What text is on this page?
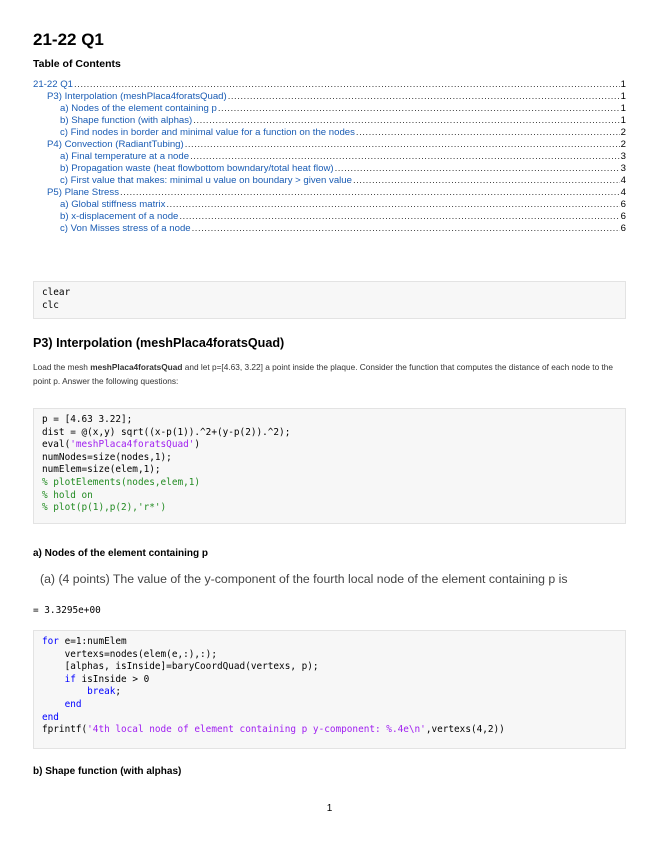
21-22 Q1
Table of Contents
21-22 Q1 .....	1
P3) Interpolation (meshPlaca4foratsQuad) .....	1
a) Nodes of the element containing p .....	1
b) Shape function (with alphas) .....	1
c) Find nodes in border and minimal value for a function on the nodes .....	2
P4) Convection (RadiantTubing) .....	2
a) Final temperature at a node .....	3
b) Propagation waste (heat flowbottom bowndary/total heat flow) .....	3
c) First value that makes: minimal u value on boundary > given value .....	4
P5) Plane Stress .....	4
a) Global stiffness matrix .....	6
b) x-displacement of a node .....	6
c) Von Misses stress of a node .....	6
clear
clc
P3) Interpolation (meshPlaca4foratsQuad)
Load the mesh meshPlaca4foratsQuad and let p=[4.63, 3.22] a point inside the plaque. Consider the function that computes the distance of each node to the point p. Answer the following questions:
p = [4.63 3.22];
dist = @(x,y) sqrt((x-p(1)).^2+(y-p(2)).^2);
eval('meshPlaca4foratsQuad')
numNodes=size(nodes,1);
numElem=size(elem,1);
% plotElements(nodes,elem,1)
% hold on
% plot(p(1),p(2),'r*')
a) Nodes of the element containing p
(a) (4 points) The value of the y-component of the fourth local node of the element containing p is
= 3.3295e+00
for e=1:numElem
vertexs=nodes(elem(e,:),:);
[alphas, isInside]=baryCoordQuad(vertexs, p);
if isInside > 0
break;
end
end
fprintf('4th local node of element containing p y-component: %.4e\n',vertexs(4,2))
b) Shape function (with alphas)
1
